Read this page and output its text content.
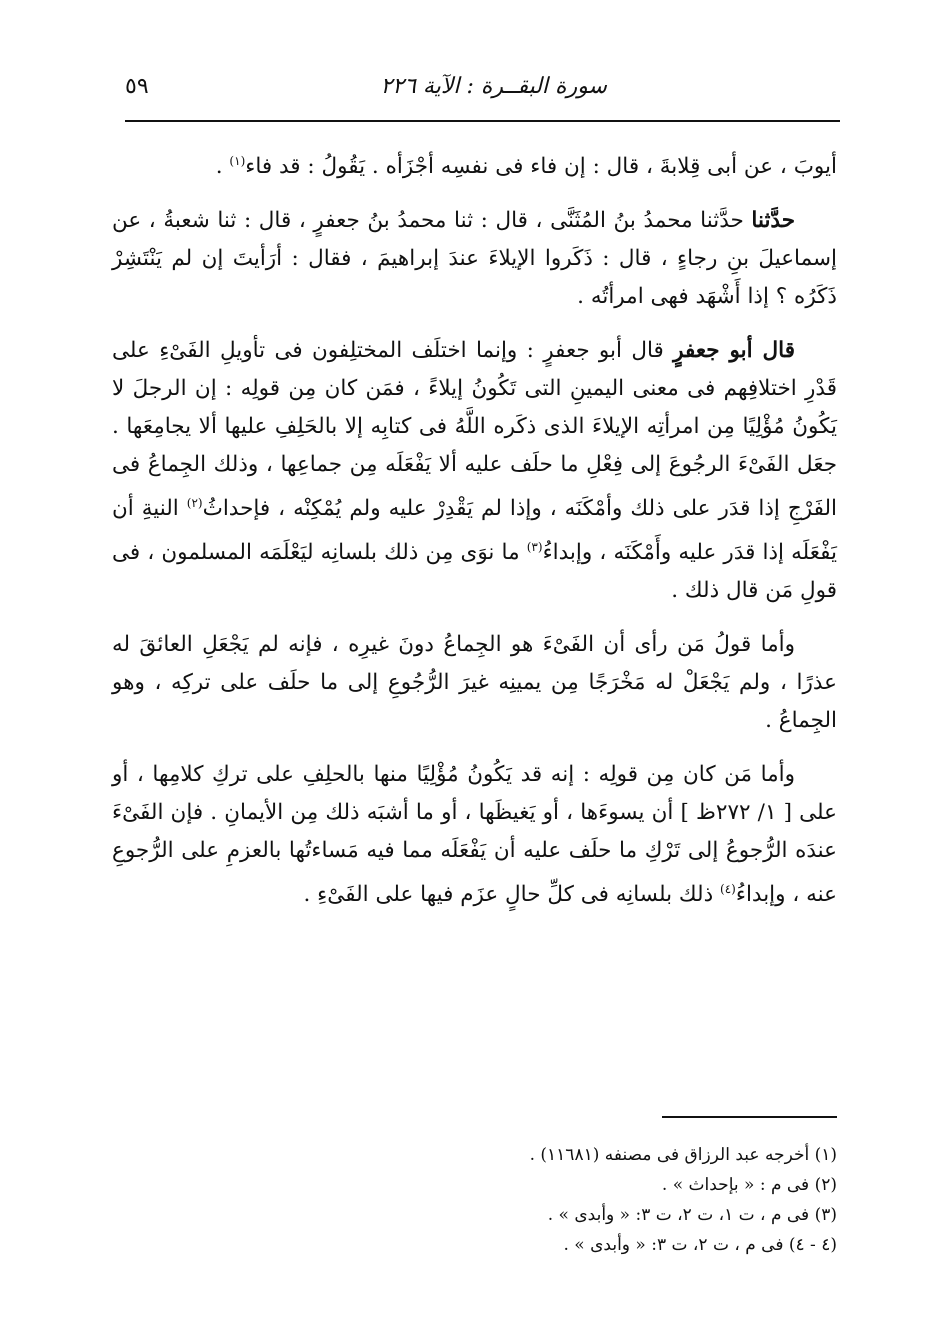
٥٩	سورة البقــرة : الآية ٢٢٦

أيوبَ ، عن أبى قِلابةَ ، قال : إن فاء فى نفسِه أجْزَأه . يَقُولُ : قد فاء$^{(١)}$ .

حدَّثنا حدَّثنا محمدُ بنُ المُثَنَّى ، قال : ثنا محمدُ بنُ جعفرٍ ، قال : ثنا شعبةُ ، عن إسماعيلَ بنِ رجاءٍ ، قال : ذَكَروا الإيلاءَ عندَ إبراهيمَ ، فقال : أرَأيتَ إن لم يَنْتَشِرْ ذَكَرُه ؟ إذا أَشْهَد فهى امرأتُه .

قال أبو جعفرٍ قال أبو جعفرٍ : وإنما اختلَف المختلِفون فى تأويلِ الفَىْءِ على قَدْرِ اختلافِهم فى معنى اليمينِ التى تَكُونُ إيلاءً ، فمَن كان مِن قولِه : إن الرجلَ لا يَكُونُ مُؤْلِيًا مِن امرأتِه الإيلاءَ الذى ذكَره اللَّهُ فى كتابِه إلا بالحَلِفِ عليها ألا يجامِعَها . جعَل الفَىْءَ الرجُوعَ إلى فِعْلِ ما حلَف عليه ألا يَفْعَلَه مِن جماعِها ، وذلك الجِماعُ فى الفَرْجِ إذا قدَر على ذلك وأمْكَنَه ، وإذا لم يَقْدِرْ عليه ولم يُمْكِنْه ، فإحداثُ$^{(٢)}$ النيةِ أن يَفْعَلَه إذا قدَر عليه وأَمْكَنَه ، وإبداءُ$^{(٣)}$ ما نوَى مِن ذلك بلسانِه ليَعْلَمَه المسلمون ، فى قولِ مَن قال ذلك .

وأما قولُ مَن رأى أن الفَىْءَ هو الجِماعُ دونَ غيرِه ، فإنه لم يَجْعَلِ العائقَ له عذرًا ، ولم يَجْعَلْ له مَخْرَجًا مِن يمينِه غيرَ الرُّجُوعِ إلى ما حلَف على تركِه ، وهو الجِماعُ .

وأما مَن كان مِن قولِه : إنه قد يَكُونُ مُؤْلِيًا منها بالحلِفِ على تركِ كلامِها ، أو على [ ١/ ٢٧٢ظ ] أن يسوءَها ، أو يَغيظَها ، أو ما أشبَه ذلك مِن الأيمانِ . فإن الفَىْءَ عندَه الرُّجوعُ إلى تَرْكِ ما حلَف عليه أن يَفْعَلَه مما فيه مَساءتُها بالعزمِ على الرُّجوعِ عنه ، وإبداءُ$^{(٤)}$ ذلك بلسانِه فى كلِّ حالٍ عزَم فيها على الفَىْءِ .

(١) أخرجه عبد الرزاق فى مصنفه (١١٦٨١) .
(٢) فى م : « بإحداث » .
(٣) فى م ، ت ١، ت ٢، ت ٣: « وأبدى » .
(٤ - ٤) فى م ، ت ٢، ت ٣: « وأبدى » .
